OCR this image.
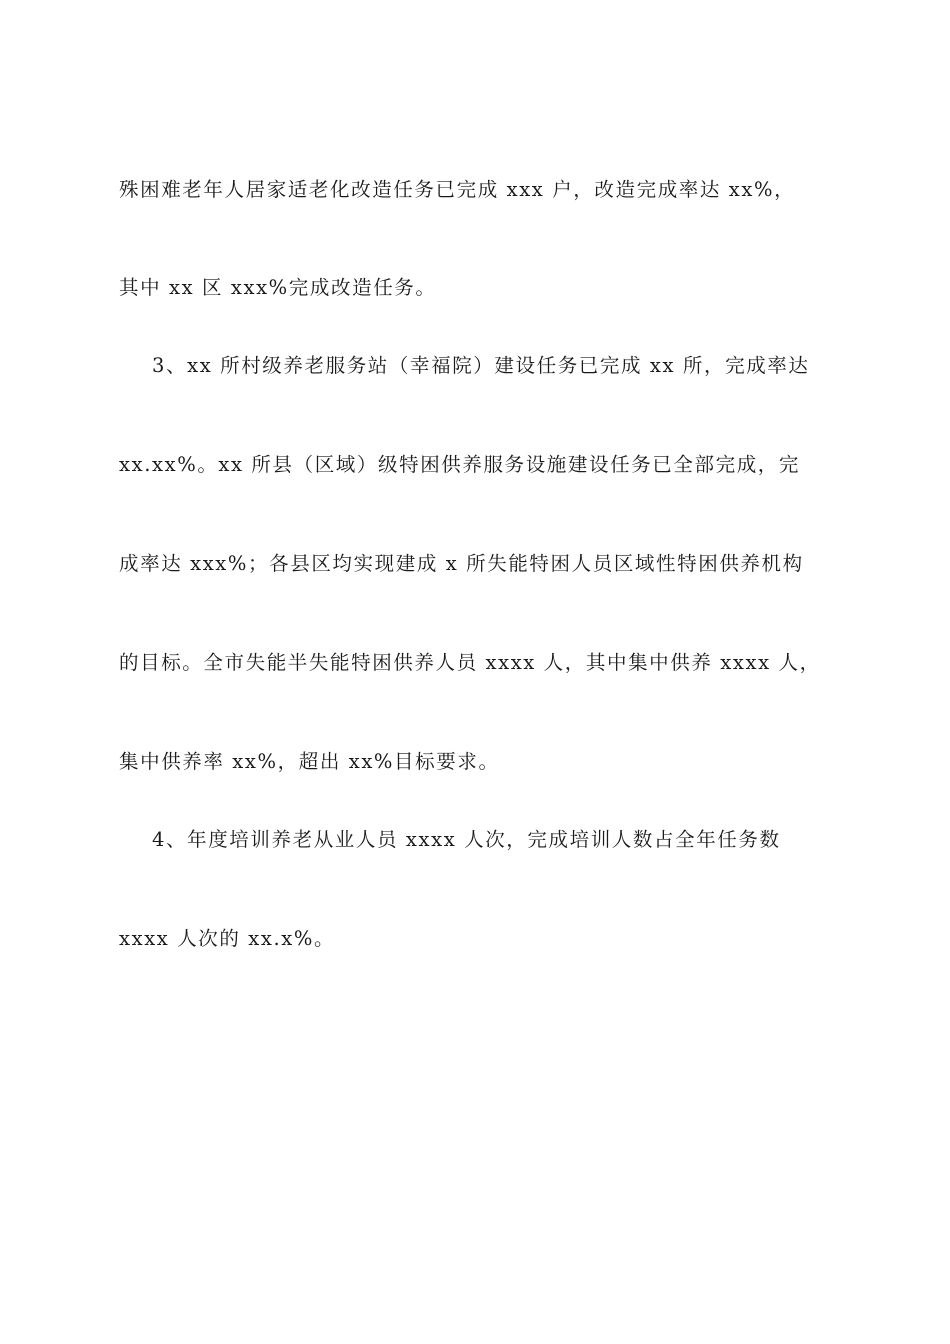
殊困难老年人居家适老化改造任务已完成 xxx 户，改造完成率达 xx%，
其中 xx 区 xxx%完成改造任务。
3、xx 所村级养老服务站（幸福院）建设任务已完成 xx 所，完成率达
xx.xx%。xx 所县（区域）级特困供养服务设施建设任务已全部完成，完
成率达 xxx%；各县区均实现建成 x 所失能特困人员区域性特困供养机构
的目标。全市失能半失能特困供养人员 xxxx 人，其中集中供养 xxxx 人，
集中供养率 xx%，超出 xx%目标要求。
4、年度培训养老从业人员 xxxx 人次，完成培训人数占全年任务数
xxxx 人次的 xx.x%。
